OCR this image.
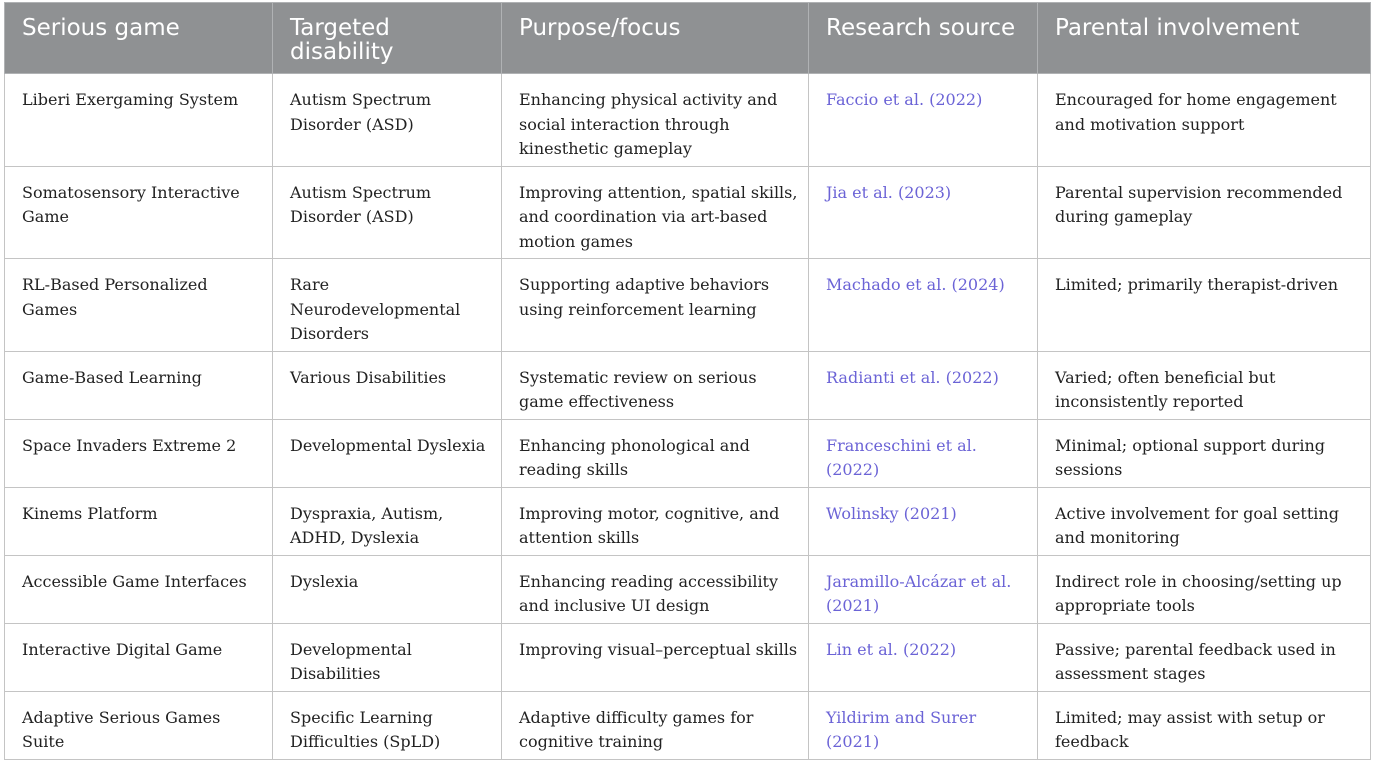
Serious game	Targeted disability	Purpose/focus	Research source	Parental involvement
Liberi Exergaming System	Autism Spectrum Disorder (ASD)	Enhancing physical activity and social interaction through kinesthetic gameplay	Faccio et al. (2022)	Encouraged for home engagement and motivation support
Somatosensory Interactive Game	Autism Spectrum Disorder (ASD)	Improving attention, spatial skills, and coordination via art-based motion games	Jia et al. (2023)	Parental supervision recommended during gameplay
RL-Based Personalized Games	Rare Neurodevelopmental Disorders	Supporting adaptive behaviors using reinforcement learning	Machado et al. (2024)	Limited; primarily therapist-driven
Game-Based Learning	Various Disabilities	Systematic review on serious game effectiveness	Radianti et al. (2022)	Varied; often beneficial but inconsistently reported
Space Invaders Extreme 2	Developmental Dyslexia	Enhancing phonological and reading skills	Franceschini et al. (2022)	Minimal; optional support during sessions
Kinems Platform	Dyspraxia, Autism, ADHD, Dyslexia	Improving motor, cognitive, and attention skills	Wolinsky (2021)	Active involvement for goal setting and monitoring
Accessible Game Interfaces	Dyslexia	Enhancing reading accessibility and inclusive UI design	Jaramillo-Alcázar et al. (2021)	Indirect role in choosing/setting up appropriate tools
Interactive Digital Game	Developmental Disabilities	Improving visual–perceptual skills	Lin et al. (2022)	Passive; parental feedback used in assessment stages
Adaptive Serious Games Suite	Specific Learning Difficulties (SpLD)	Adaptive difficulty games for cognitive training	Yildirim and Surer (2021)	Limited; may assist with setup or feedback
